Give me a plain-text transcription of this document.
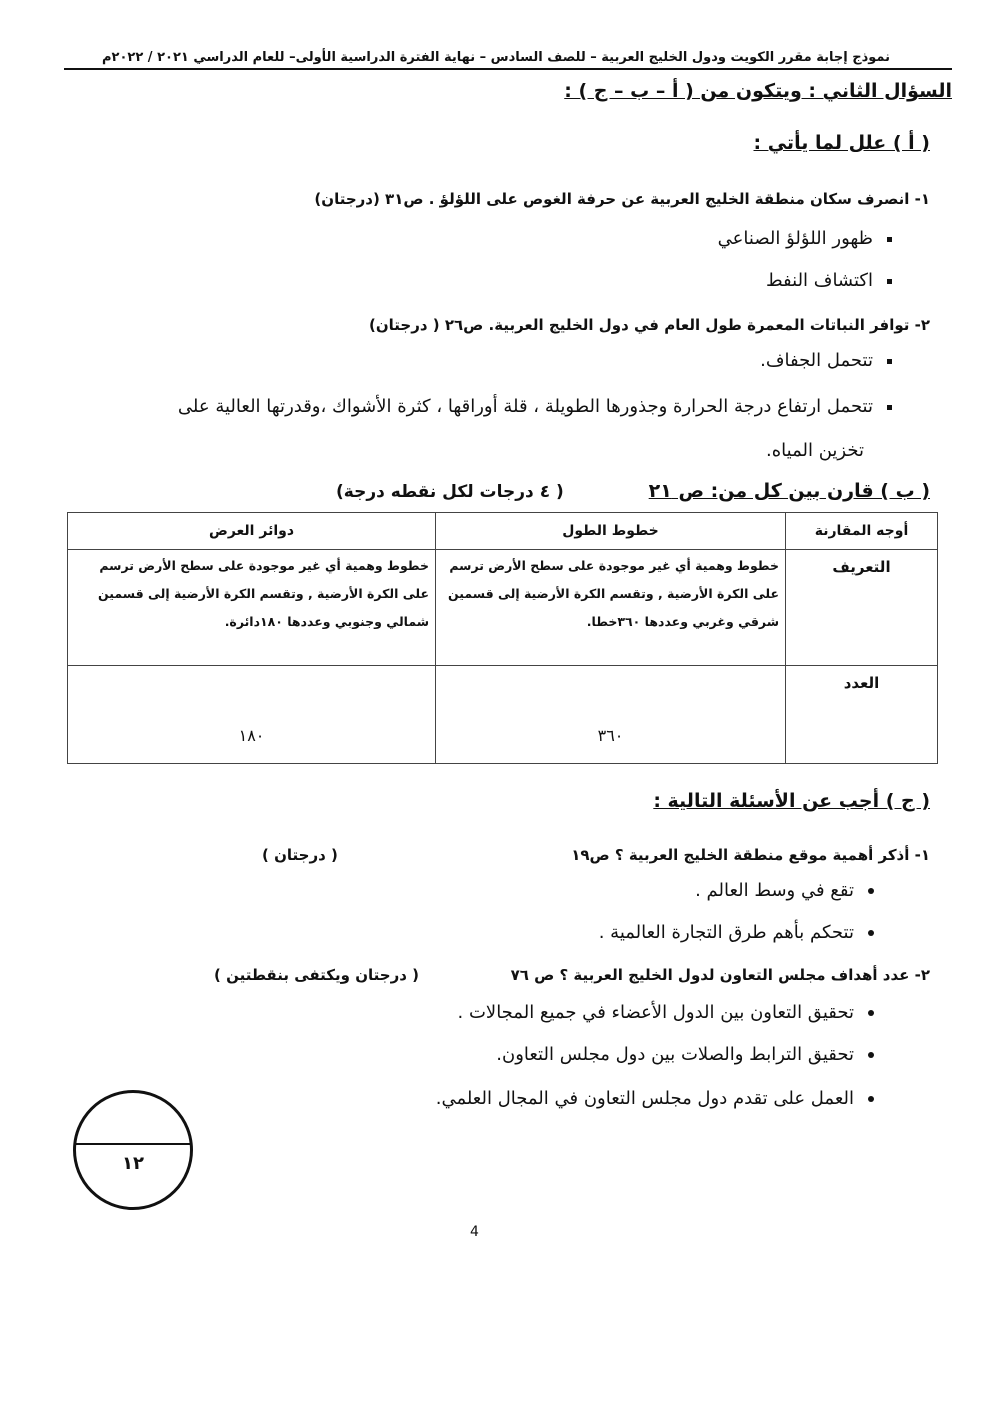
نموذج إجابة مقرر الكويت ودول الخليج العربية – للصف السادس – نهاية الفترة الدراسية الأولى– للعام الدراسي ٢٠٢١ / ٢٠٢٢م
السؤال الثاني : ويتكون من ( أ – ب – ج ) :
( أ ) علل لما يأتي :
١- انصرف سكان منطقة الخليج العربية عن حرفة الغوص على اللؤلؤ . ص٣١ (درجتان)
ظهور اللؤلؤ الصناعي
اكتشاف النفط
٢- توافر النباتات المعمرة طول العام في دول الخليج العربية. ص٢٦ ( درجتان)
تتحمل الجفاف.
تتحمل ارتفاع درجة الحرارة وجذورها الطويلة ، قلة أوراقها ، كثرة الأشواك ،وقدرتها العالية على
تخزين المياه.
( ب ) قارن بين كل من: ص ٢١
( ٤ درجات لكل نقطه درجة)
أوجه المقارنة	خطوط الطول	دوائر العرض
التعريف	خطوط وهمية أي غير موجودة على سطح الأرض ترسم على الكرة الأرضية , وتقسم الكرة الأرضية إلى قسمين شرقي وغربي وعددها ٣٦٠خطا.	خطوط وهمية أي غير موجودة على سطح الأرض ترسم على الكرة الأرضية , وتقسم الكرة الأرضية إلى قسمين شمالي وجنوبي وعددها ١٨٠دائرة.
العدد	٣٦٠	١٨٠
( ج ) أجب عن الأسئلة التالية :
١- أذكر أهمية موقع منطقة الخليج العربية ؟ ص١٩
( درجتان )
تقع في وسط العالم .
تتحكم بأهم طرق التجارة العالمية .
٢- عدد أهداف مجلس التعاون لدول الخليج العربية ؟ ص ٧٦
( درجتان ويكتفى بنقطتين )
تحقيق التعاون بين الدول الأعضاء في جميع المجالات .
تحقيق الترابط والصلات بين دول مجلس التعاون.
العمل على تقدم دول مجلس التعاون في المجال العلمي.
١٢
4
